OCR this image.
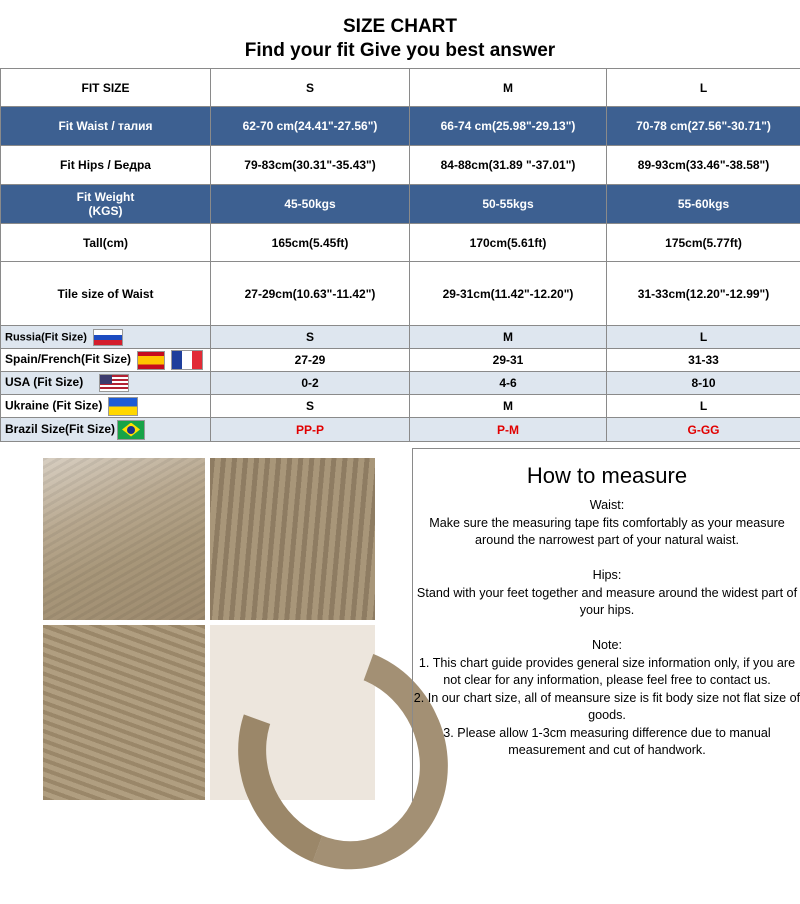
SIZE CHART
Find your fit Give you best answer
FIT SIZE	S	M	L
Fit Waist / талия	62-70 cm(24.41"-27.56")	66-74 cm(25.98"-29.13")	70-78 cm(27.56"-30.71")
Fit Hips / Бедра	79-83cm(30.31"-35.43")	84-88cm(31.89 "-37.01")	89-93cm(33.46"-38.58")
Fit Weight
(KGS)	45-50kgs	50-55kgs	55-60kgs
Tall(cm)	165cm(5.45ft)	170cm(5.61ft)	175cm(5.77ft)
Tile size of Waist	27-29cm(10.63"-11.42")	29-31cm(11.42"-12.20")	31-33cm(12.20"-12.99")
Russia(Fit Size)	S	M	L
Spain/French(Fit Size)	27-29	29-31	31-33
USA (Fit Size)	0-2	4-6	8-10
Ukraine (Fit Size)	S	M	L
Brazil Size(Fit Size)	PP-P	P-M	G-GG
How to measure
Waist:
Make sure the measuring tape fits comfortably as your measure around the narrowest part of your natural waist.
Hips:
Stand with your feet together and measure around the widest part of your hips.
Note:
1. This chart guide provides general size information only, if you are not clear for any information, please feel free to contact us.
2. In our chart size, all of meansure size is fit body size not flat size of goods.
3. Please allow 1-3cm measuring difference due to manual measurement and cut of handwork.
